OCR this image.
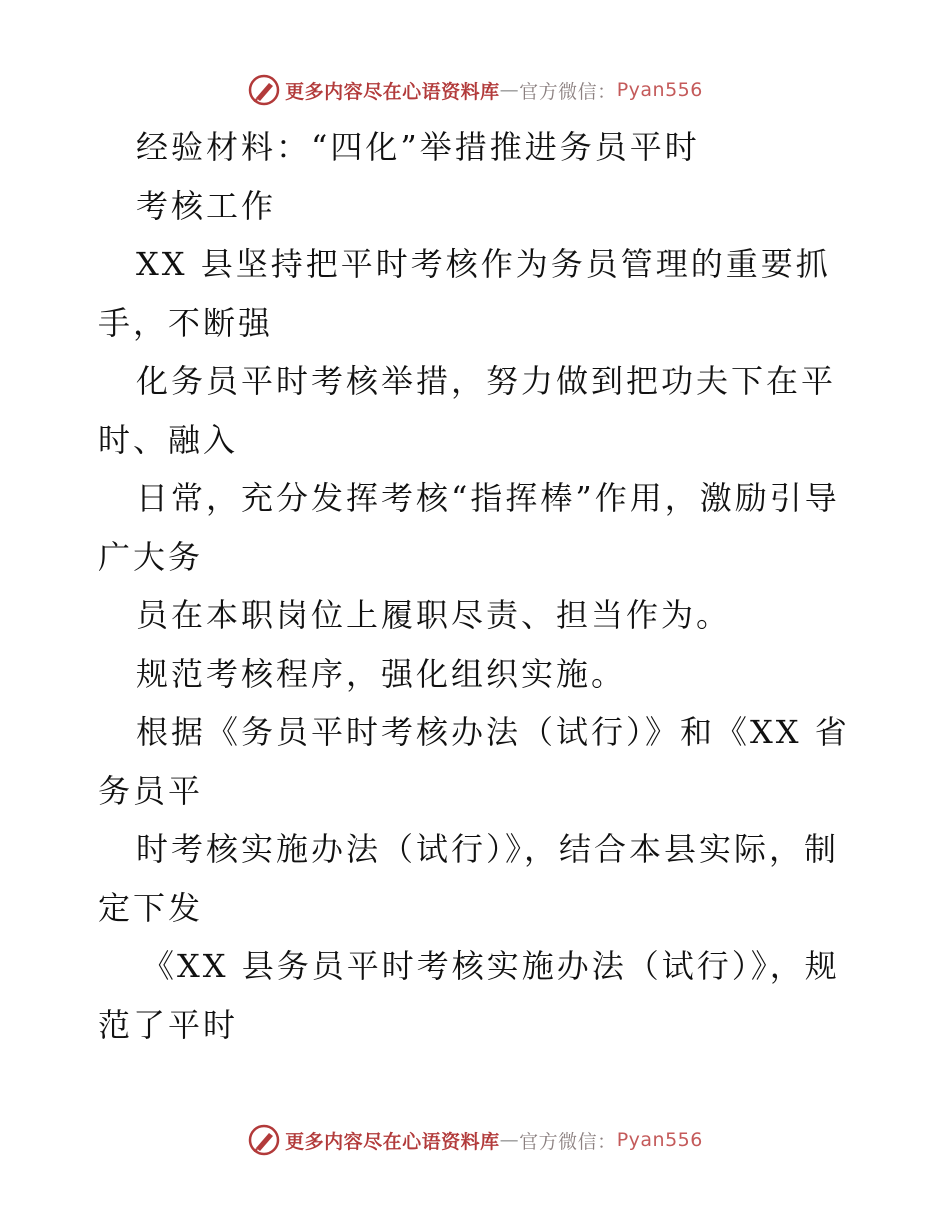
更多内容尽在心语资料库 — 官方微信： Pyan556
经验材料：“四化”举措推进务员平时
考核工作
XX 县坚持把平时考核作为务员管理的重要抓
手，不断强
化务员平时考核举措，努力做到把功夫下在平
时、融入
日常，充分发挥考核“指挥棒”作用，激励引导
广大务
员在本职岗位上履职尽责、担当作为。
规范考核程序，强化组织实施。
根据《务员平时考核办法（试行）》和《XX 省
务员平
时考核实施办法（试行）》，结合本县实际，制
定下发
《XX 县务员平时考核实施办法（试行）》，规
范了平时
更多内容尽在心语资料库 — 官方微信： Pyan556
